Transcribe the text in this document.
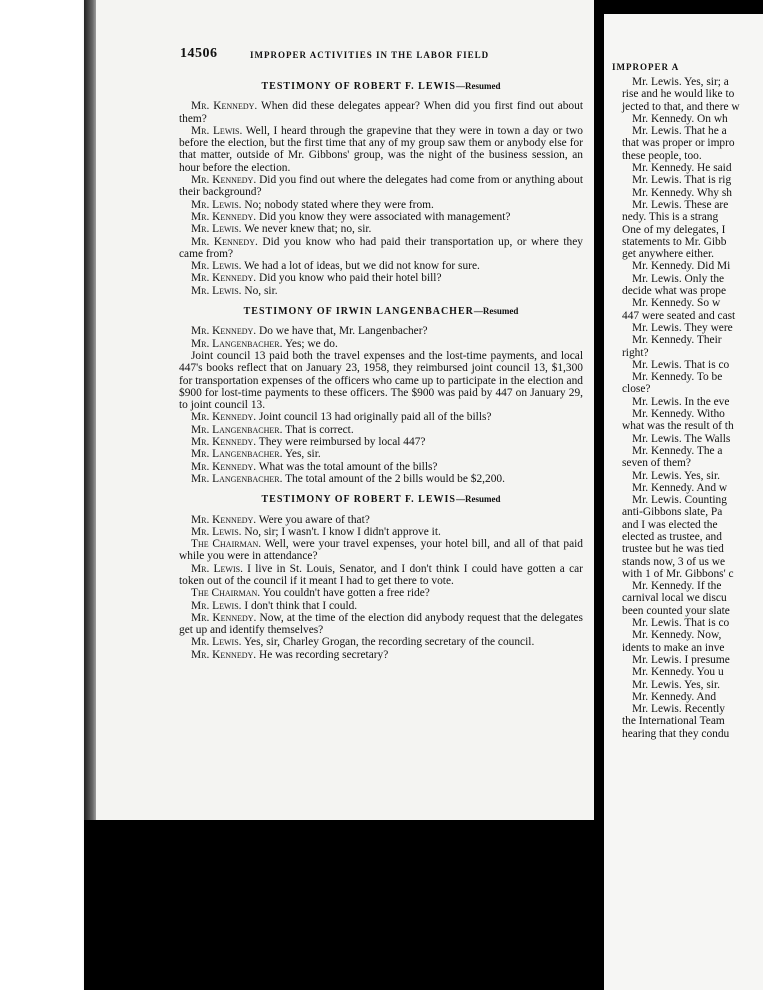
14506	IMPROPER ACTIVITIES IN THE LABOR FIELD
TESTIMONY OF ROBERT F. LEWIS—Resumed

Mr. Kennedy. When did these delegates appear? When did you first find out about them?

Mr. Lewis. Well, I heard through the grapevine that they were in town a day or two before the election, but the first time that any of my group saw them or anybody else for that matter, outside of Mr. Gibbons' group, was the night of the business session, an hour before the election.

Mr. Kennedy. Did you find out where the delegates had come from or anything about their background?

Mr. Lewis. No; nobody stated where they were from.

Mr. Kennedy. Did you know they were associated with management?

Mr. Lewis. We never knew that; no, sir.

Mr. Kennedy. Did you know who had paid their transportation up, or where they came from?

Mr. Lewis. We had a lot of ideas, but we did not know for sure.

Mr. Kennedy. Did you know who paid their hotel bill?

Mr. Lewis. No, sir.

TESTIMONY OF IRWIN LANGENBACHER—Resumed

Mr. Kennedy. Do we have that, Mr. Langenbacher?

Mr. Langenbacher. Yes; we do.

Joint council 13 paid both the travel expenses and the lost-time payments, and local 447's books reflect that on January 23, 1958, they reimbursed joint council 13, $1,300 for transportation expenses of the officers who came up to participate in the election and $900 for lost-time payments to these officers. The $900 was paid by 447 on January 29, to joint council 13.

Mr. Kennedy. Joint council 13 had originally paid all of the bills?

Mr. Langenbacher. That is correct.

Mr. Kennedy. They were reimbursed by local 447?

Mr. Langenbacher. Yes, sir.

Mr. Kennedy. What was the total amount of the bills?

Mr. Langenbacher. The total amount of the 2 bills would be $2,200.

TESTIMONY OF ROBERT F. LEWIS—Resumed

Mr. Kennedy. Were you aware of that?

Mr. Lewis. No, sir; I wasn't. I know I didn't approve it.

The Chairman. Well, were your travel expenses, your hotel bill, and all of that paid while you were in attendance?

Mr. Lewis. I live in St. Louis, Senator, and I don't think I could have gotten a car token out of the council if it meant I had to get there to vote.

The Chairman. You couldn't have gotten a free ride?

Mr. Lewis. I don't think that I could.

Mr. Kennedy. Now, at the time of the election did anybody request that the delegates get up and identify themselves?

Mr. Lewis. Yes, sir, Charley Grogan, the recording secretary of the council.

Mr. Kennedy. He was recording secretary?

IMPROPER A

Mr. Lewis. Yes, sir; a

rise and he would like to

jected to that, and there w

Mr. Kennedy. On wh

Mr. Lewis. That he a

that was proper or impro

these people, too.

Mr. Kennedy. He said

Mr. Lewis. That is rig

Mr. Kennedy. Why sh

Mr. Lewis. These are

nedy. This is a strang

One of my delegates, I

statements to Mr. Gibb

get anywhere either.

Mr. Kennedy. Did Mi

Mr. Lewis. Only the

decide what was prope

Mr. Kennedy. So w

447 were seated and cast

Mr. Lewis. They were

Mr. Kennedy. Their

right?

Mr. Lewis. That is co

Mr. Kennedy. To be

close?

Mr. Lewis. In the eve

Mr. Kennedy. Witho

what was the result of th

Mr. Lewis. The Walls

Mr. Kennedy. The a

seven of them?

Mr. Lewis. Yes, sir.

Mr. Kennedy. And w

Mr. Lewis. Counting

anti-Gibbons slate, Pa

and I was elected the

elected as trustee, and

trustee but he was tied

stands now, 3 of us we

with 1 of Mr. Gibbons' c

Mr. Kennedy. If the

carnival local we discu

been counted your slate

Mr. Lewis. That is co

Mr. Kennedy. Now,

idents to make an inve

Mr. Lewis. I presume

Mr. Kennedy. You u

Mr. Lewis. Yes, sir.

Mr. Kennedy. And

Mr. Lewis. Recently

the International Team

hearing that they condu
